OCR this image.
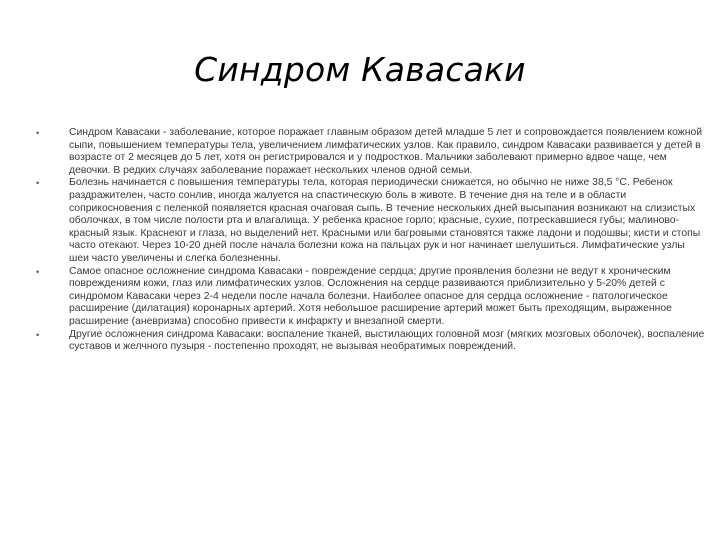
Синдром Кавасаки
•	Синдром Кавасаки - заболевание, которое поражает главным образом детей младше 5 лет и сопровождается появлением кожной сыпи, повышением температуры тела, увеличением лимфатических узлов. Как правило, синдром Кавасаки развивается у детей в возрасте от 2 месяцев до 5 лет, хотя он регистрировался и у подростков. Мальчики заболевают примерно вдвое чаще, чем девочки. В редких случаях заболевание поражает нескольких членов одной семьи.
•	Болезнь начинается с повышения температуры тела, которая периодически снижается, но обычно не ниже 38,5 °С. Ребенок раздражителен, часто сонлив, иногда жалуется на спастическую боль в животе. В течение дня на теле и в области соприкосновения с пеленкой появляется красная очаговая сыпь. В течение нескольких дней высыпания возникают на слизистых оболочках, в том числе полости рта и влагалища. У ребенка красное горло; красные, сухие, потрескавшиеся губы; малиново-красный язык. Краснеют и глаза, но выделений нет. Красными или багровыми становятся также ладони и подошвы; кисти и стопы часто отекают. Через 10-20 дней после начала болезни кожа на пальцах рук и ног начинает шелушиться. Лимфатические узлы шеи часто увеличены и слегка болезненны.
•	Самое опасное осложнение синдрома Кавасаки - повреждение сердца; другие проявления болезни не ведут к хроническим повреждениям кожи, глаз или лимфатических узлов. Осложнения на сердце развиваются приблизительно у 5-20% детей с синдромом Кавасаки через 2-4 недели после начала болезни. Наиболее опасное для сердца осложнение - патологическое расширение (дилатация) коронарных артерий. Хотя небольшое расширение артерий может быть преходящим, выраженное расширение (аневризма) способно привести к инфаркту и внезапной смерти.
•	Другие осложнения синдрома Кавасаки: воспаление тканей, выстилающих головной мозг (мягких мозговых оболочек), воспаление суставов и желчного пузыря - постепенно проходят, не вызывая необратимых повреждений.
